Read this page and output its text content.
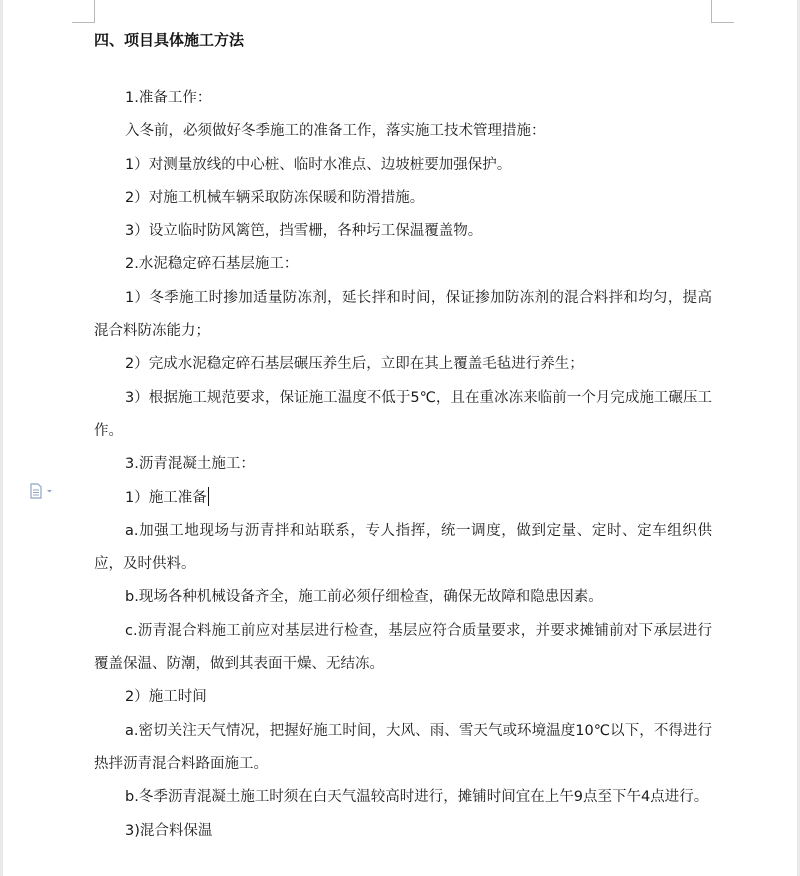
四、项目具体施工方法

1.准备工作：

入冬前，必须做好冬季施工的准备工作，落实施工技术管理措施：

1）对测量放线的中心桩、临时水准点、边坡桩要加强保护。

2）对施工机械车辆采取防冻保暖和防滑措施。

3）设立临时防风篱笆，挡雪栅，各种圬工保温覆盖物。

2.水泥稳定碎石基层施工：

1）冬季施工时掺加适量防冻剂，延长拌和时间，保证掺加防冻剂的混合料拌和均匀，提高混合料防冻能力；

2）完成水泥稳定碎石基层碾压养生后，立即在其上覆盖毛毡进行养生；

3）根据施工规范要求，保证施工温度不低于5℃，且在重冰冻来临前一个月完成施工碾压工作。

3.沥青混凝土施工：

1）施工准备

a.加强工地现场与沥青拌和站联系，专人指挥，统一调度，做到定量、定时、定车组织供应，及时供料。

b.现场各种机械设备齐全，施工前必须仔细检查，确保无故障和隐患因素。

c.沥青混合料施工前应对基层进行检查，基层应符合质量要求，并要求摊铺前对下承层进行覆盖保温、防潮，做到其表面干燥、无结冻。

2）施工时间

a.密切关注天气情况，把握好施工时间，大风、雨、雪天气或环境温度10℃以下，不得进行热拌沥青混合料路面施工。

b.冬季沥青混凝土施工时须在白天气温较高时进行，摊铺时间宜在上午9点至下午4点进行。

3)混合料保温
